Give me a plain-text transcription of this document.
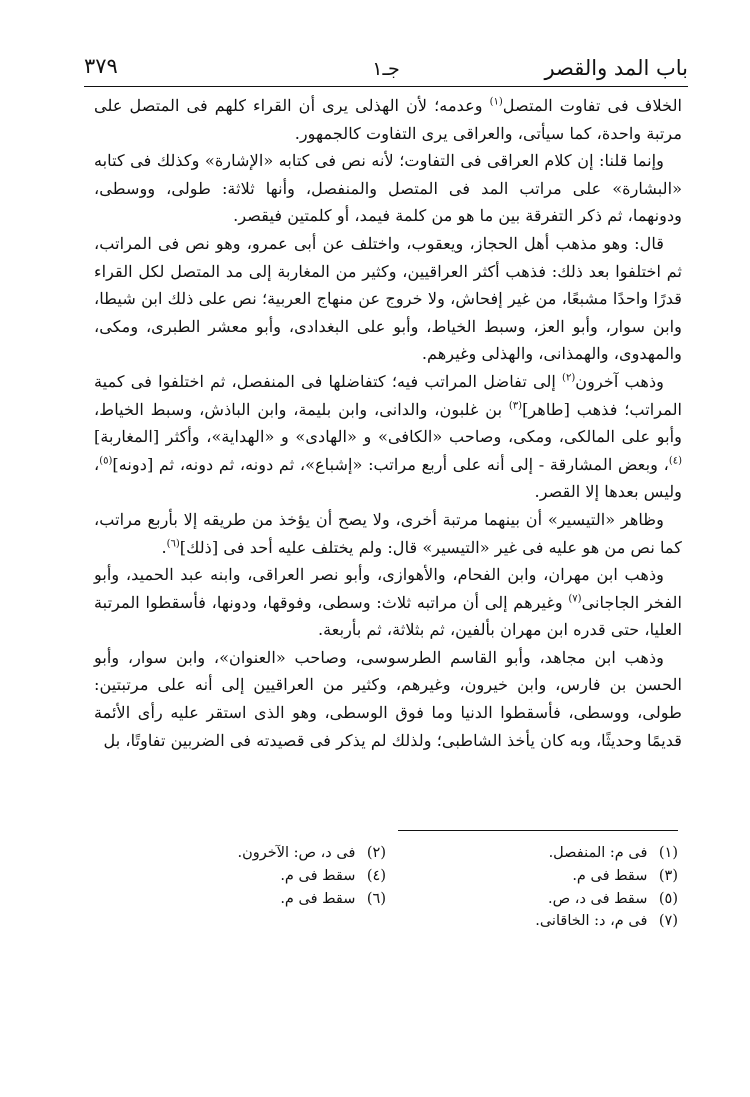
باب المد والقصر
جـ١
٣٧٩

الخلاف فى تفاوت المتصل$^{(١)}$ وعدمه؛ لأن الهذلى يرى أن القراء كلهم فى المتصل على مرتبة واحدة، كما سيأتى، والعراقى يرى التفاوت كالجمهور.

وإنما قلنا: إن كلام العراقى فى التفاوت؛ لأنه نص فى كتابه «الإشارة» وكذلك فى كتابه «البشارة» على مراتب المد فى المتصل والمنفصل، وأنها ثلاثة: طولى، ووسطى، ودونهما، ثم ذكر التفرقة بين ما هو من كلمة فيمد، أو كلمتين فيقصر.

قال: وهو مذهب أهل الحجاز، ويعقوب، واختلف عن أبى عمرو، وهو نص فى المراتب، ثم اختلفوا بعد ذلك: فذهب أكثر العراقيين، وكثير من المغاربة إلى مد المتصل لكل القراء قدرًا واحدًا مشبعًا، من غير إفحاش، ولا خروج عن منهاج العربية؛ نص على ذلك ابن شيطا، وابن سوار، وأبو العز، وسبط الخياط، وأبو على البغدادى، وأبو معشر الطبرى، ومكى، والمهدوى، والهمذانى، والهذلى وغيرهم.

وذهب آخرون$^{(٢)}$ إلى تفاضل المراتب فيه؛ كتفاضلها فى المنفصل، ثم اختلفوا فى كمية المراتب؛ فذهب [طاهر]$^{(٣)}$ بن غلبون، والدانى، وابن بليمة، وابن الباذش، وسبط الخياط، وأبو على المالكى، ومكى، وصاحب «الكافى» و «الهادى» و «الهداية»، وأكثر [المغاربة]$^{(٤)}$، وبعض المشارقة - إلى أنه على أربع مراتب: «إشباع»، ثم دونه، ثم دونه، ثم [دونه]$^{(٥)}$، وليس بعدها إلا القصر.

وظاهر «التيسير» أن بينهما مرتبة أخرى، ولا يصح أن يؤخذ من طريقه إلا بأربع مراتب، كما نص من هو عليه فى غير «التيسير» قال: ولم يختلف عليه أحد فى [ذلك]$^{(٦)}$.

وذهب ابن مهران، وابن الفحام، والأهوازى، وأبو نصر العراقى، وابنه عبد الحميد، وأبو الفخر الجاجانى$^{(٧)}$ وغيرهم إلى أن مراتبه ثلاث: وسطى، وفوقها، ودونها، فأسقطوا المرتبة العليا، حتى قدره ابن مهران بألفين، ثم بثلاثة، ثم بأربعة.

وذهب ابن مجاهد، وأبو القاسم الطرسوسى، وصاحب «العنوان»، وابن سوار، وأبو الحسن بن فارس، وابن خيرون، وغيرهم، وكثير من العراقيين إلى أنه على مرتبتين: طولى، ووسطى، فأسقطوا الدنيا وما فوق الوسطى، وهو الذى استقر عليه رأى الأئمة قديمًا وحديثًا، وبه كان يأخذ الشاطبى؛ ولذلك لم يذكر فى قصيدته فى الضربين تفاوتًا، بل

(١) فى م: المنفصل.
(٢) فى د، ص: الآخرون.
(٣) سقط فى م.
(٤) سقط فى م.
(٥) سقط فى د، ص.
(٦) سقط فى م.
(٧) فى م، د: الخاقانى.
